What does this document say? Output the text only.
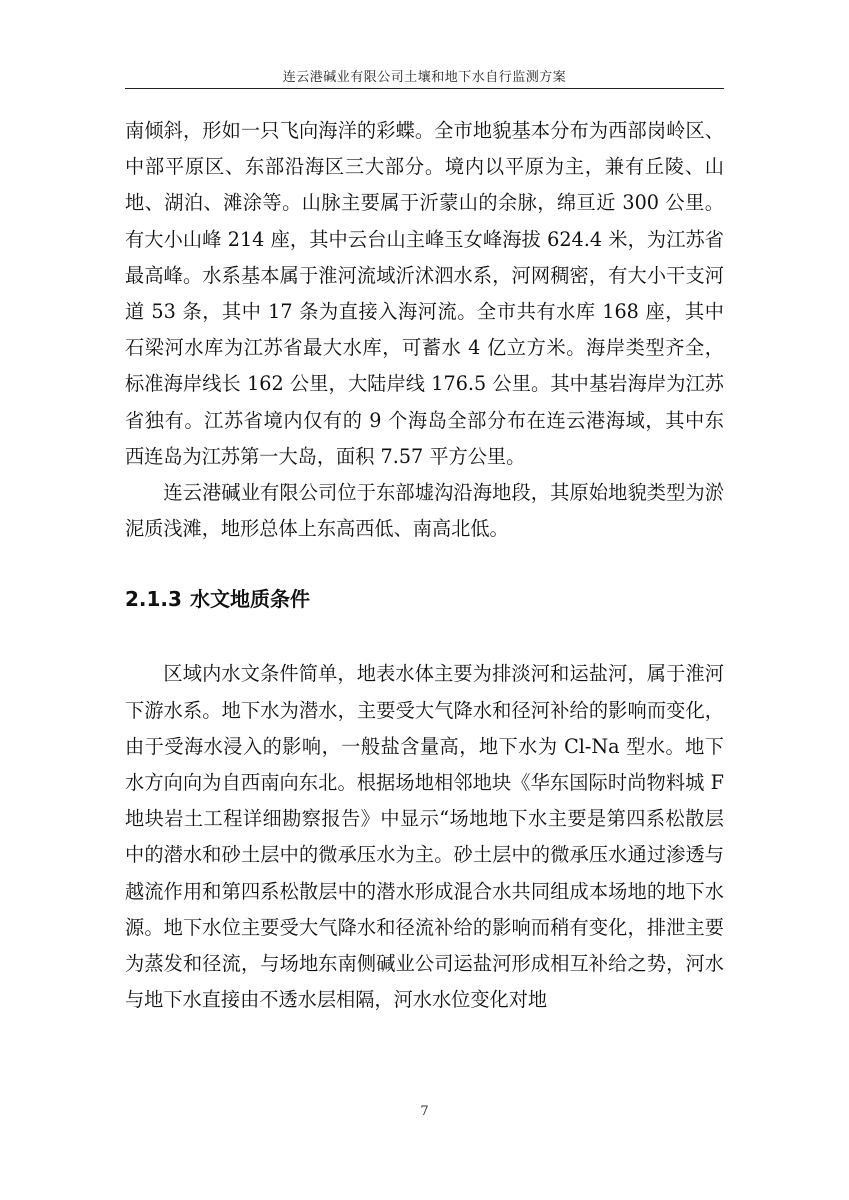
连云港碱业有限公司土壤和地下水自行监测方案

南倾斜，形如一只飞向海洋的彩蝶。全市地貌基本分布为西部岗岭区、中部平原区、东部沿海区三大部分。境内以平原为主，兼有丘陵、山地、湖泊、滩涂等。山脉主要属于沂蒙山的余脉，绵亘近 300 公里。有大小山峰 214 座，其中云台山主峰玉女峰海拔 624.4 米，为江苏省最高峰。水系基本属于淮河流域沂沭泗水系，河网稠密，有大小干支河道 53 条，其中 17 条为直接入海河流。全市共有水库 168 座，其中石梁河水库为江苏省最大水库，可蓄水 4 亿立方米。海岸类型齐全，标准海岸线长 162 公里，大陆岸线 176.5 公里。其中基岩海岸为江苏省独有。江苏省境内仅有的 9 个海岛全部分布在连云港海域，其中东西连岛为江苏第一大岛，面积 7.57 平方公里。

连云港碱业有限公司位于东部墟沟沿海地段，其原始地貌类型为淤泥质浅滩，地形总体上东高西低、南高北低。

2.1.3 水文地质条件

区域内水文条件简单，地表水体主要为排淡河和运盐河，属于淮河下游水系。地下水为潜水，主要受大气降水和径河补给的影响而变化，由于受海水浸入的影响，一般盐含量高，地下水为 Cl-Na 型水。地下水方向向为自西南向东北。根据场地相邻地块《华东国际时尚物料城 F 地块岩土工程详细勘察报告》中显示“场地地下水主要是第四系松散层中的潜水和砂土层中的微承压水为主。砂土层中的微承压水通过渗透与越流作用和第四系松散层中的潜水形成混合水共同组成本场地的地下水源。地下水位主要受大气降水和径流补给的影响而稍有变化，排泄主要为蒸发和径流，与场地东南侧碱业公司运盐河形成相互补给之势，河水与地下水直接由不透水层相隔，河水水位变化对地

7
